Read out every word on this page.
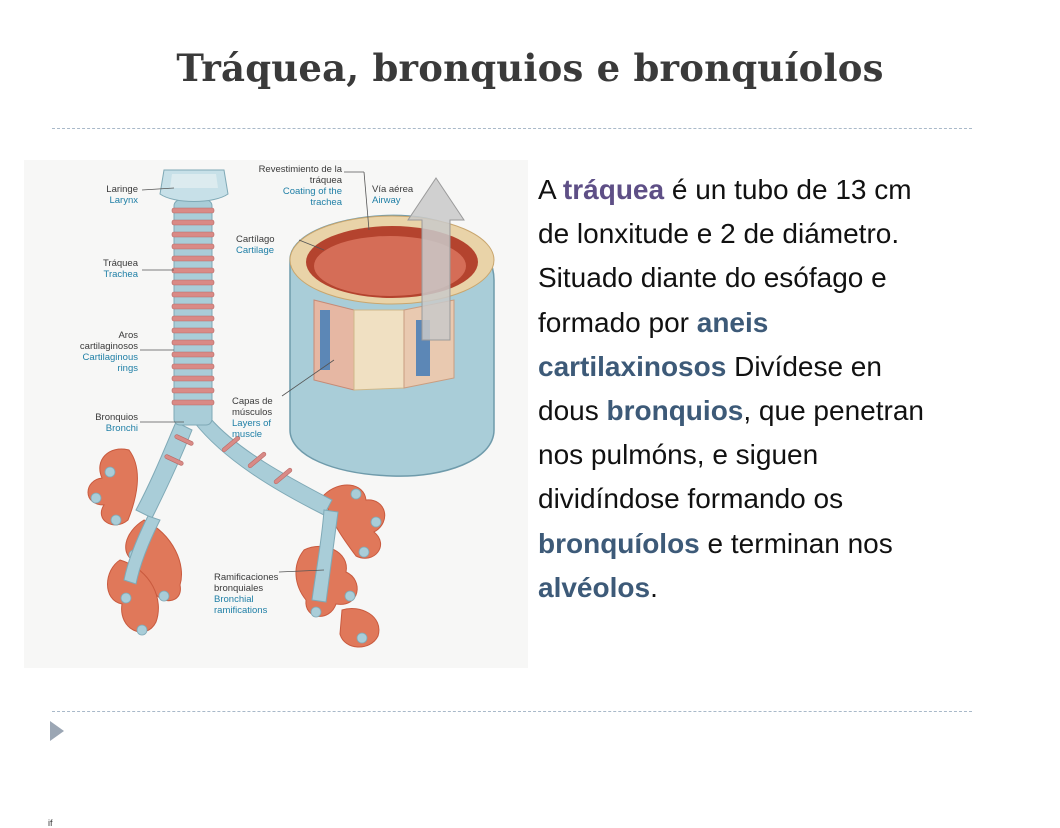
Tráquea, bronquios e bronquíolos
Laringe
Larynx
Tráquea
Trachea
Aros cartilaginosos
Cartilaginous rings
Bronquios
Bronchi
Revestimiento de la tráquea
Coating of the trachea
Vía aérea
Airway
Cartílago
Cartilage
Capas de músculos
Layers of muscle
Ramificaciones bronquiales
Bronchial ramifications
if

A tráquea é un tubo de 13 cm de lonxitude e 2 de diámetro. Situado diante do esófago e formado por aneis cartilaxinosos Divídese en dous bronquios, que penetran nos pulmóns, e siguen dividíndose formando os bronquíolos e terminan nos alvéolos.
